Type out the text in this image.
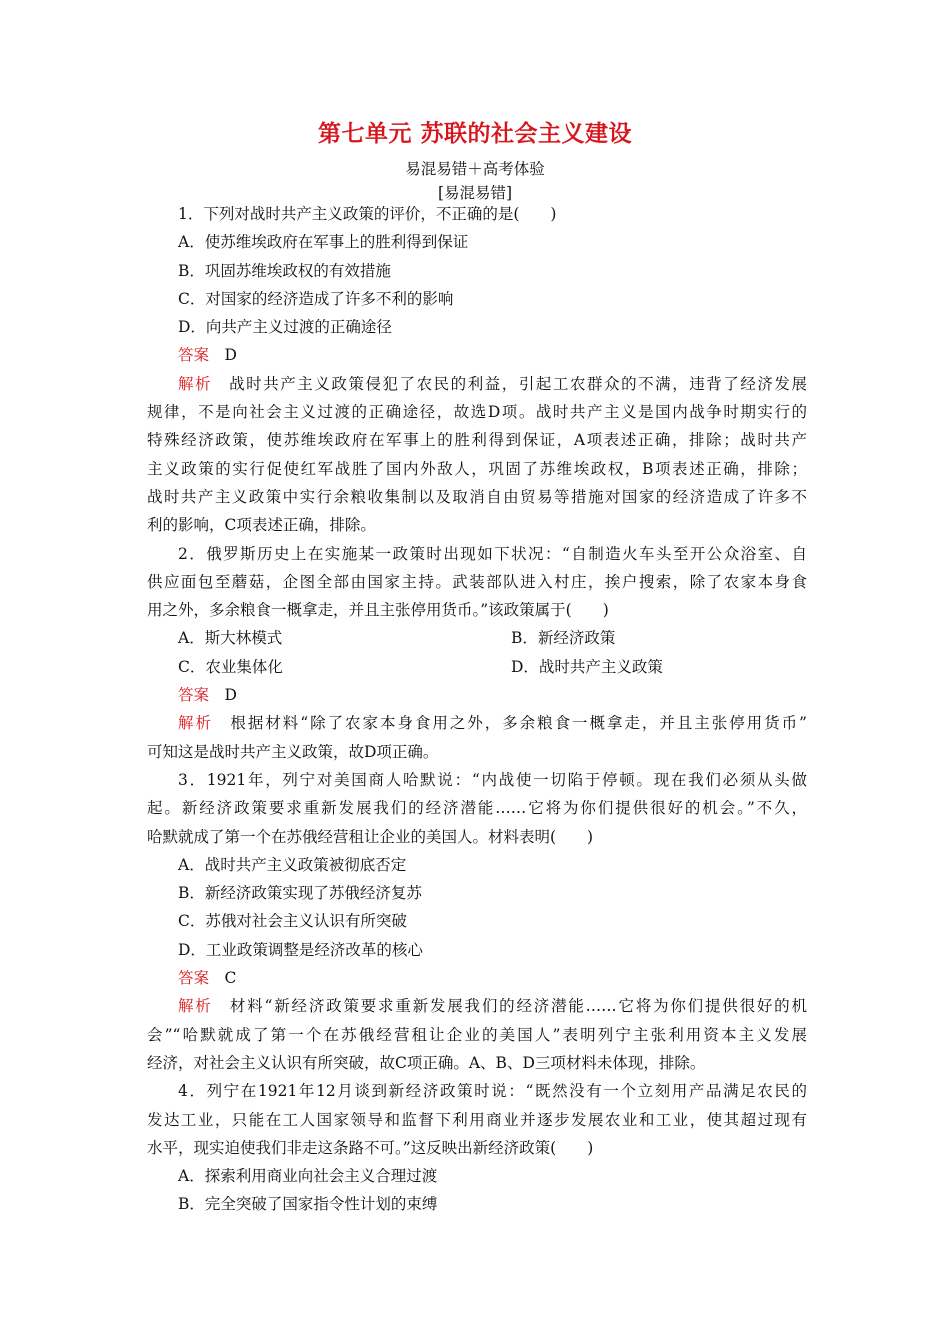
第七单元 苏联的社会主义建设
易混易错＋高考体验
[易混易错]
1．下列对战时共产主义政策的评价，不正确的是(　　)
A．使苏维埃政府在军事上的胜利得到保证
B．巩固苏维埃政权的有效措施
C．对国家的经济造成了许多不利的影响
D．向共产主义过渡的正确途径
答案　 D
解析　 战时共产主义政策侵犯了农民的利益，引起工农群众的不满，违背了经济发展
规律，不是向社会主义过渡的正确途径，故选D项。战时共产主义是国内战争时期实行的
特殊经济政策，使苏维埃政府在军事上的胜利得到保证，A项表述正确，排除；战时共产
主义政策的实行促使红军战胜了国内外敌人，巩固了苏维埃政权，B项表述正确，排除；
战时共产主义政策中实行余粮收集制以及取消自由贸易等措施对国家的经济造成了许多不
利的影响，C项表述正确，排除。
2．俄罗斯历史上在实施某一政策时出现如下状况：“自制造火车头至开公众浴室、自
供应面包至蘑菇，企图全部由国家主持。武装部队进入村庄，挨户搜索，除了农家本身食
用之外，多余粮食一概拿走，并且主张停用货币。”该政策属于(　　)
A．斯大林模式	B．新经济政策
C．农业集体化	D．战时共产主义政策
答案　 D
解析　 根据材料“除了农家本身食用之外，多余粮食一概拿走，并且主张停用货币”
可知这是战时共产主义政策，故D项正确。
3．1921年，列宁对美国商人哈默说：“内战使一切陷于停顿。现在我们必须从头做
起。新经济政策要求重新发展我们的经济潜能……它将为你们提供很好的机会。”不久，
哈默就成了第一个在苏俄经营租让企业的美国人。材料表明(　　)
A．战时共产主义政策被彻底否定
B．新经济政策实现了苏俄经济复苏
C．苏俄对社会主义认识有所突破
D．工业政策调整是经济改革的核心
答案　 C
解析　 材料“新经济政策要求重新发展我们的经济潜能……它将为你们提供很好的机
会”“哈默就成了第一个在苏俄经营租让企业的美国人”表明列宁主张利用资本主义发展
经济，对社会主义认识有所突破，故C项正确。A、B、D三项材料未体现，排除。
4．列宁在1921年12月谈到新经济政策时说：“既然没有一个立刻用产品满足农民的
发达工业，只能在工人国家领导和监督下利用商业并逐步发展农业和工业，使其超过现有
水平，现实迫使我们非走这条路不可。”这反映出新经济政策(　　)
A．探索利用商业向社会主义合理过渡
B．完全突破了国家指令性计划的束缚
